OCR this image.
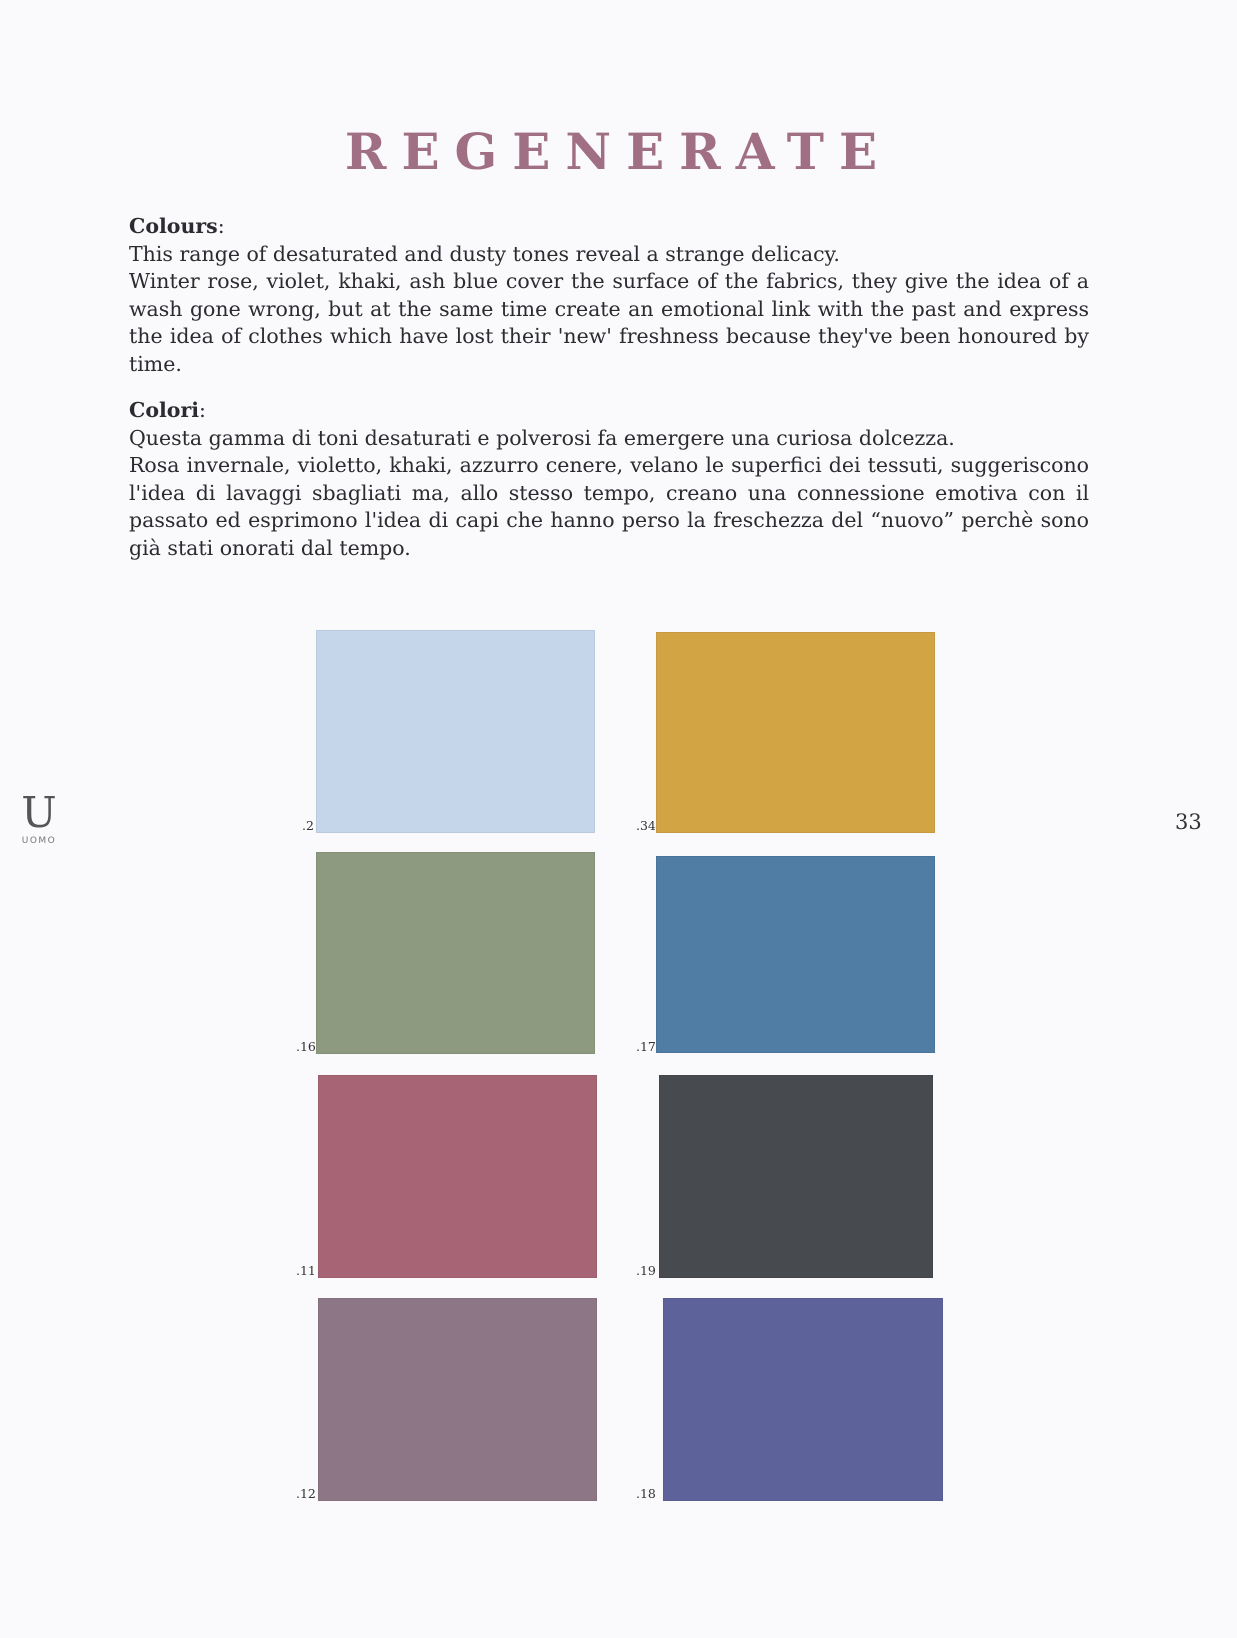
REGENERATE
Colours:

This range of desaturated and dusty tones reveal a strange delicacy.

Winter rose, violet, khaki, ash blue cover the surface of the fabrics, they give the idea of a wash gone wrong, but at the same time create an emotional link with the past and express the idea of clothes which have lost their 'new' freshness because they've been honoured by time.

Colori:

Questa gamma di toni desaturati e polverosi fa emergere una curiosa dolcezza.

Rosa invernale, violetto, khaki, azzurro cenere, velano le superfici dei tessuti, suggeriscono l'idea di lavaggi sbagliati ma, allo stesso tempo, creano una connessione emotiva con il passato ed esprimono l'idea di capi che hanno perso la freschezza del “nuovo” perchè sono già stati onorati dal tempo.

U
UOMO
33
.2	.34
.16	.17
.11	.19
.12	.18
